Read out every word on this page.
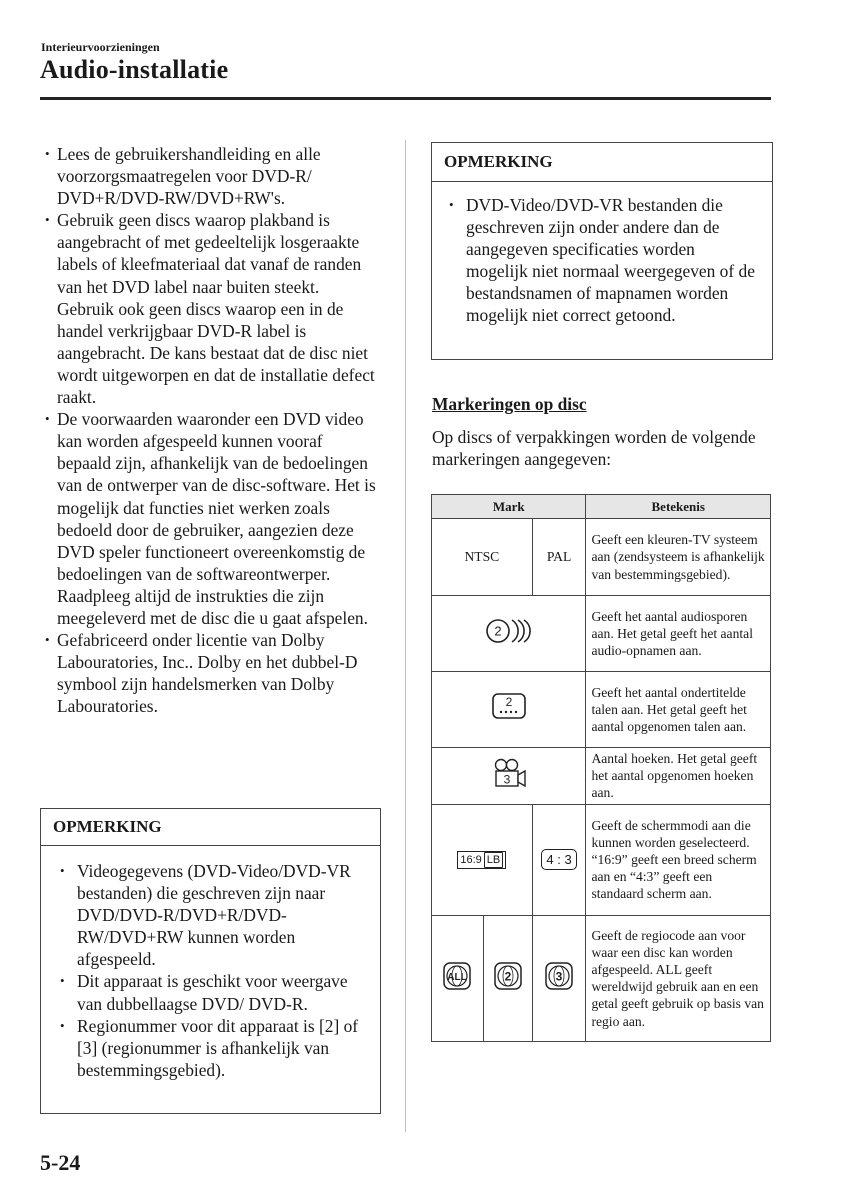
Interieurvoorzieningen
Audio-installatie
• Lees de gebruikershandleiding en alle voorzorgsmaatregelen voor DVD-R/ DVD+R/DVD-RW/DVD+RW's.
• Gebruik geen discs waarop plakband is aangebracht of met gedeeltelijk losgeraakte labels of kleefmateriaal dat vanaf de randen van het DVD label naar buiten steekt. Gebruik ook geen discs waarop een in de handel verkrijgbaar DVD-R label is aangebracht. De kans bestaat dat de disc niet wordt uitgeworpen en dat de installatie defect raakt.
• De voorwaarden waaronder een DVD video kan worden afgespeeld kunnen vooraf bepaald zijn, afhankelijk van de bedoelingen van de ontwerper van de disc-software. Het is mogelijk dat functies niet werken zoals bedoeld door de gebruiker, aangezien deze DVD speler functioneert overeenkomstig de bedoelingen van de softwareontwerper. Raadpleeg altijd de instrukties die zijn meegeleverd met de disc die u gaat afspelen.
• Gefabriceerd onder licentie van Dolby Labouratories, Inc.. Dolby en het dubbel-D symbool zijn handelsmerken van Dolby Labouratories.
OPMERKING
• Videogegevens (DVD-Video/DVD-VR bestanden) die geschreven zijn naar DVD/DVD-R/DVD+R/DVD-RW/DVD+RW kunnen worden afgespeeld.
• Dit apparaat is geschikt voor weergave van dubbellaagse DVD/ DVD-R.
• Regionummer voor dit apparaat is [2] of [3] (regionummer is afhankelijk van bestemmingsgebied).
OPMERKING
• DVD-Video/DVD-VR bestanden die geschreven zijn onder andere dan de aangegeven specificaties worden mogelijk niet normaal weergegeven of de bestandsnamen of mapnamen worden mogelijk niet correct getoond.
Markeringen op disc
Op discs of verpakkingen worden de volgende markeringen aangegeven:
Mark			Betekenis
NTSC		PAL	Geeft een kleuren-TV systeem aan (zendsysteem is afhankelijk van bestemmingsgebied).

2			Geeft het aantal audiosporen aan. Het getal geeft het aantal audio-opnamen aan.

2			Geeft het aantal ondertitelde talen aan. Het getal geeft het aantal opgenomen talen aan.

3			Aantal hoeken. Het getal geeft het aantal opgenomen hoeken aan.
16:9 LB		4 : 3	Geeft de schermmodi aan die kunnen worden geselecteerd. “16:9” geeft een breed scherm aan en “4:3” geeft een standaard scherm aan.

ALL	2	3	Geeft de regiocode aan voor waar een disc kan worden afgespeeld. ALL geeft wereldwijd gebruik aan en een getal geeft gebruik op basis van regio aan.
5-24
